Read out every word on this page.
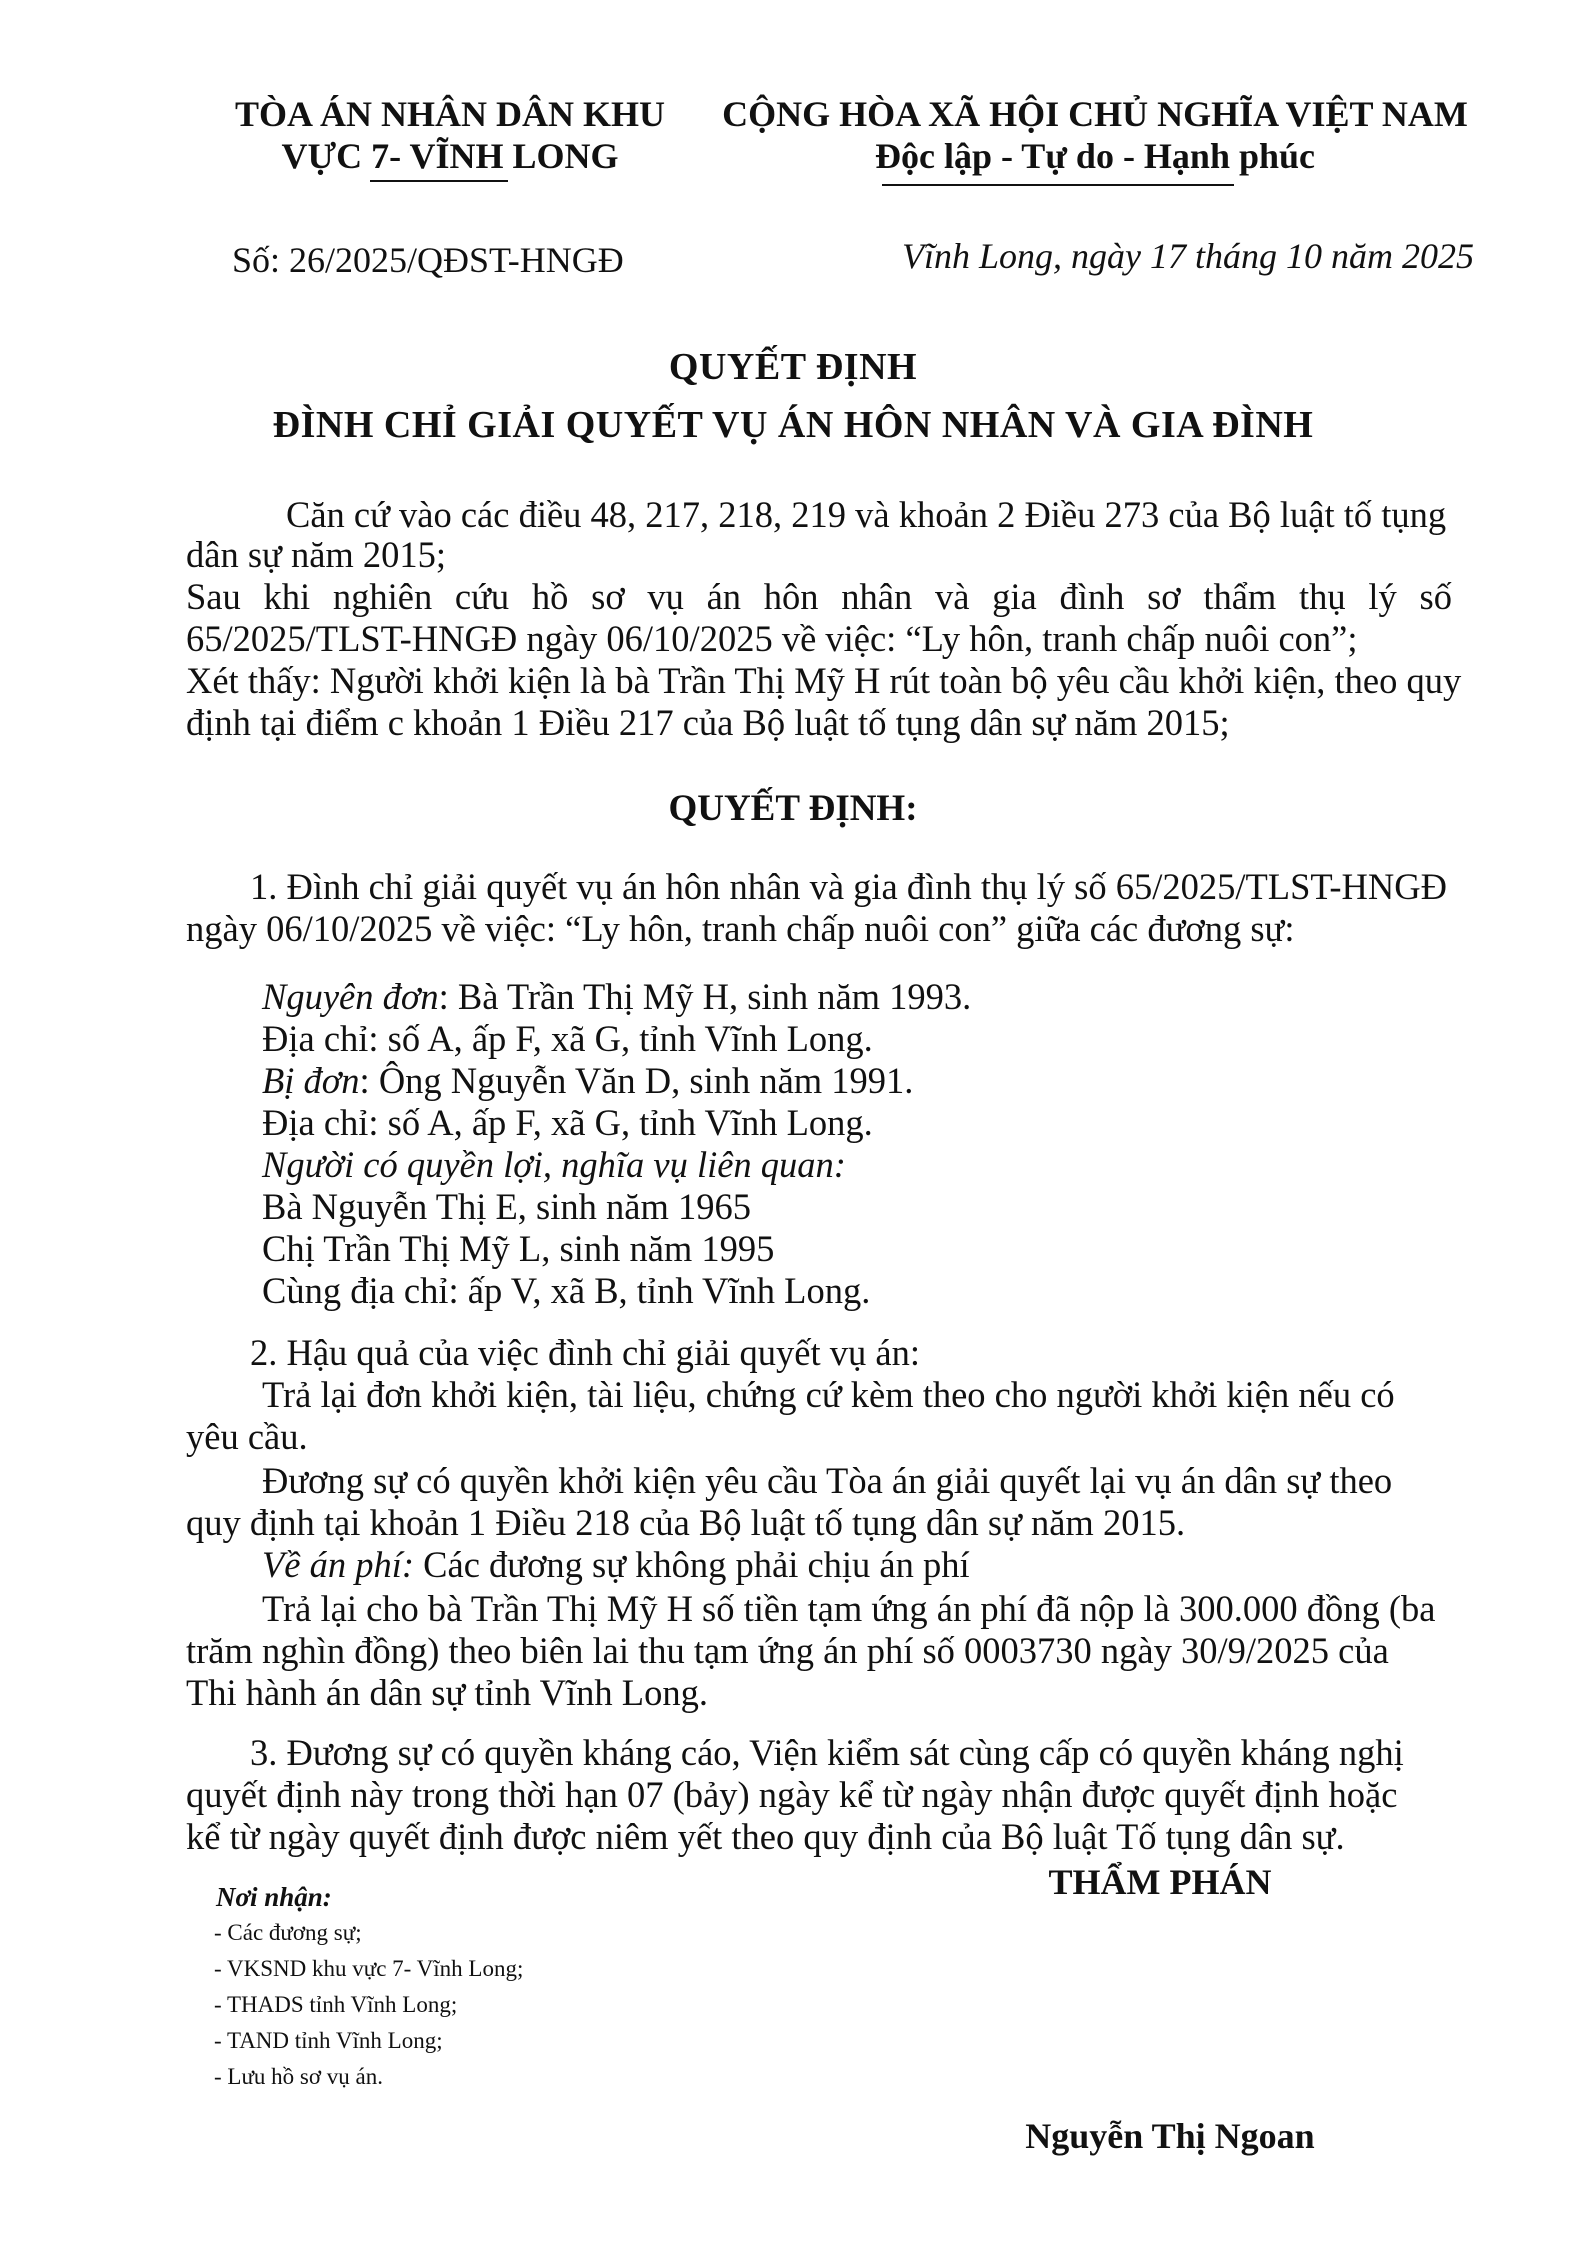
TÒA ÁN NHÂN DÂN KHU
VỰC 7- VĨNH LONG
CỘNG HÒA XÃ HỘI CHỦ NGHĨA VIỆT NAM
Độc lập - Tự do - Hạnh phúc
Số: 26/2025/QĐST-HNGĐ	Vĩnh Long, ngày 17 tháng 10 năm 2025
QUYẾT ĐỊNH
ĐÌNH CHỈ GIẢI QUYẾT VỤ ÁN HÔN NHÂN VÀ GIA ĐÌNH
Căn cứ vào các điều 48, 217, 218, 219 và khoản 2 Điều 273 của Bộ luật tố tụng
dân sự năm 2015;
Sau khi nghiên cứu hồ sơ vụ án hôn nhân và gia đình sơ thẩm thụ lý số
65/2025/TLST-HNGĐ ngày 06/10/2025 về việc: “Ly hôn, tranh chấp nuôi con”;
Xét thấy: Người khởi kiện là bà Trần Thị Mỹ H rút toàn bộ yêu cầu khởi kiện, theo quy
định tại điểm c khoản 1 Điều 217 của Bộ luật tố tụng dân sự năm 2015;
QUYẾT ĐỊNH:
1. Đình chỉ giải quyết vụ án hôn nhân và gia đình thụ lý số 65/2025/TLST-HNGĐ
ngày 06/10/2025 về việc: “Ly hôn, tranh chấp nuôi con” giữa các đương sự:
Nguyên đơn: Bà Trần Thị Mỹ H, sinh năm 1993.
Địa chỉ: số A, ấp F, xã G, tỉnh Vĩnh Long.
Bị đơn: Ông Nguyễn Văn D, sinh năm 1991.
Địa chỉ: số A, ấp F, xã G, tỉnh Vĩnh Long.
Người có quyền lợi, nghĩa vụ liên quan:
Bà Nguyễn Thị E, sinh năm 1965
Chị Trần Thị Mỹ L, sinh năm 1995
Cùng địa chỉ: ấp V, xã B, tỉnh Vĩnh Long.
2. Hậu quả của việc đình chỉ giải quyết vụ án:
Trả lại đơn khởi kiện, tài liệu, chứng cứ kèm theo cho người khởi kiện nếu có
yêu cầu.
Đương sự có quyền khởi kiện yêu cầu Tòa án giải quyết lại vụ án dân sự theo
quy định tại khoản 1 Điều 218 của Bộ luật tố tụng dân sự năm 2015.
Về án phí: Các đương sự không phải chịu án phí
Trả lại cho bà Trần Thị Mỹ H số tiền tạm ứng án phí đã nộp là 300.000 đồng (ba
trăm nghìn đồng) theo biên lai thu tạm ứng án phí số 0003730 ngày 30/9/2025 của
Thi hành án dân sự tỉnh Vĩnh Long.
3. Đương sự có quyền kháng cáo, Viện kiểm sát cùng cấp có quyền kháng nghị
quyết định này trong thời hạn 07 (bảy) ngày kể từ ngày nhận được quyết định hoặc
kể từ ngày quyết định được niêm yết theo quy định của Bộ luật Tố tụng dân sự.
THẨM PHÁN
Nơi nhận:
- Các đương sự;
- VKSND khu vực 7- Vĩnh Long;
- THADS tỉnh Vĩnh Long;
- TAND tỉnh Vĩnh Long;
- Lưu hồ sơ vụ án.
Nguyễn Thị Ngoan
